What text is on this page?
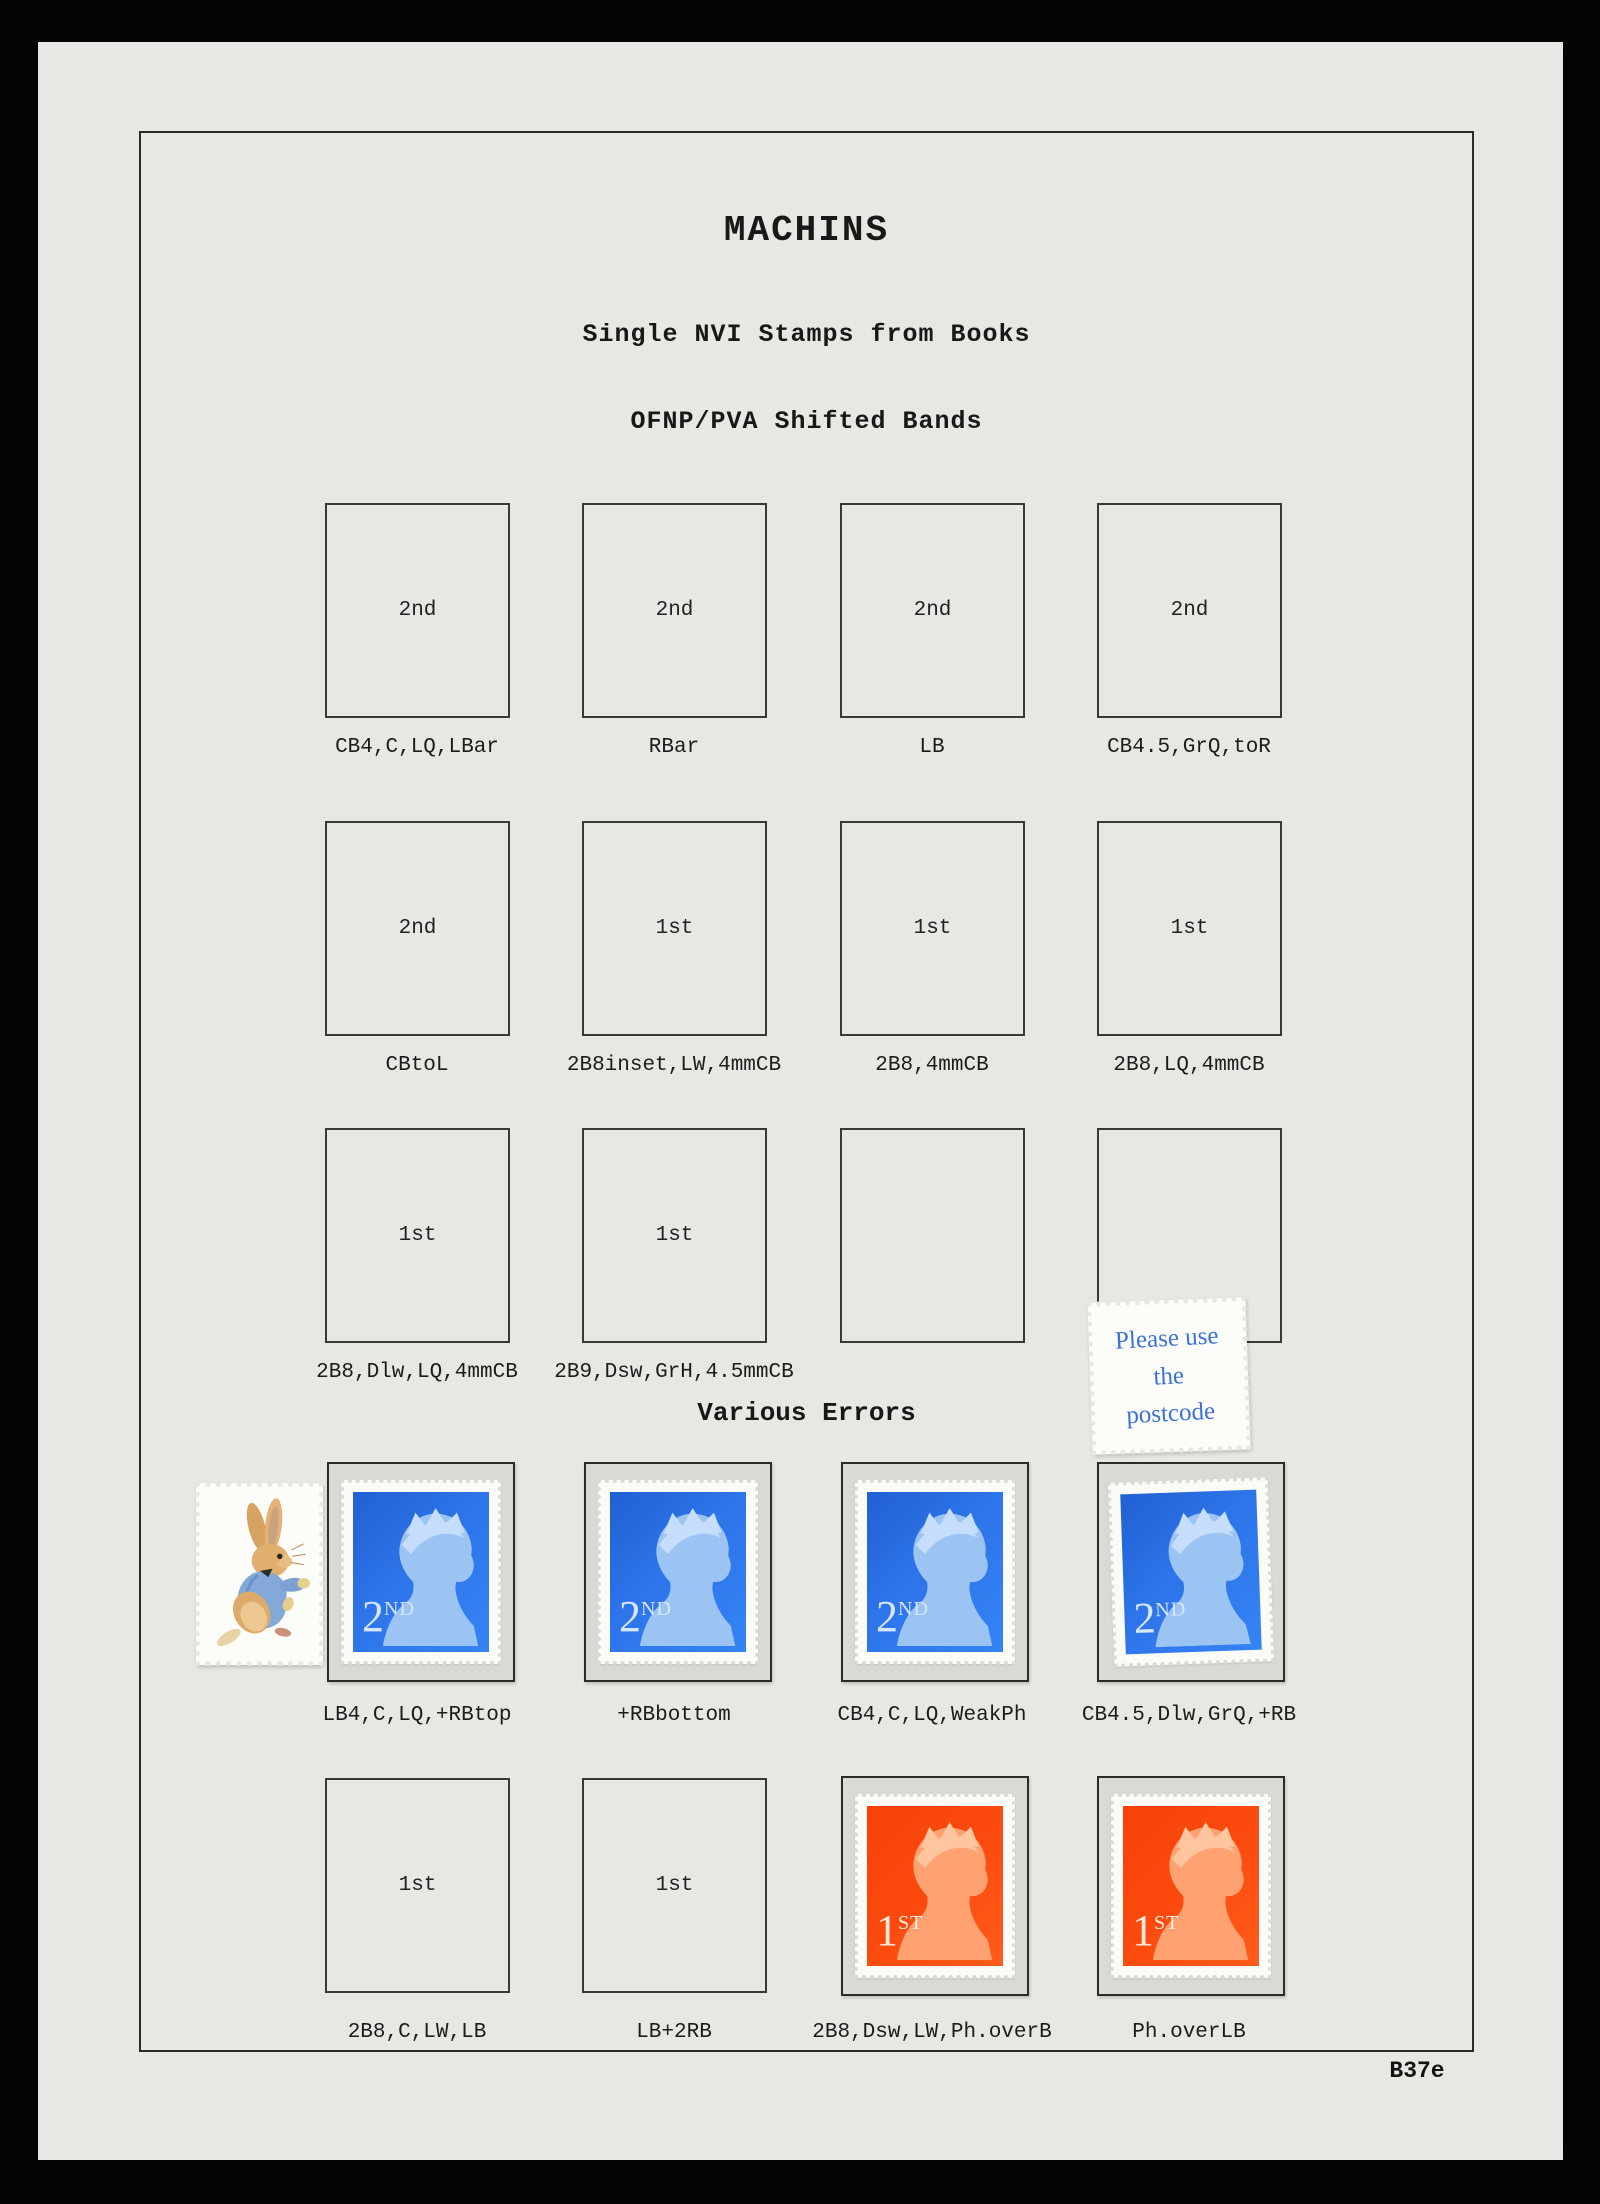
MACHINS
Single NVI Stamps from Books
OFNP/PVA Shifted Bands
2nd	2nd	2nd	2nd
CB4,C,LQ,LBar	RBar	LB	CB4.5,GrQ,toR
2nd	1st	1st	1st
CBtoL	2B8inset,LW,4mmCB	2B8,4mmCB	2B8,LQ,4mmCB
1st	1st
2B8,Dlw,LQ,4mmCB	2B9,Dsw,GrH,4.5mmCB
Various Errors
Please use
the
postcode
2ND	2ND	2ND	2ND
LB4,C,LQ,+RBtop	+RBbottom	CB4,C,LQ,WeakPh	CB4.5,Dlw,GrQ,+RB
1st	1st
1ST	1ST
2B8,C,LW,LB	LB+2RB	2B8,Dsw,LW,Ph.overB	Ph.overLB
B37e
